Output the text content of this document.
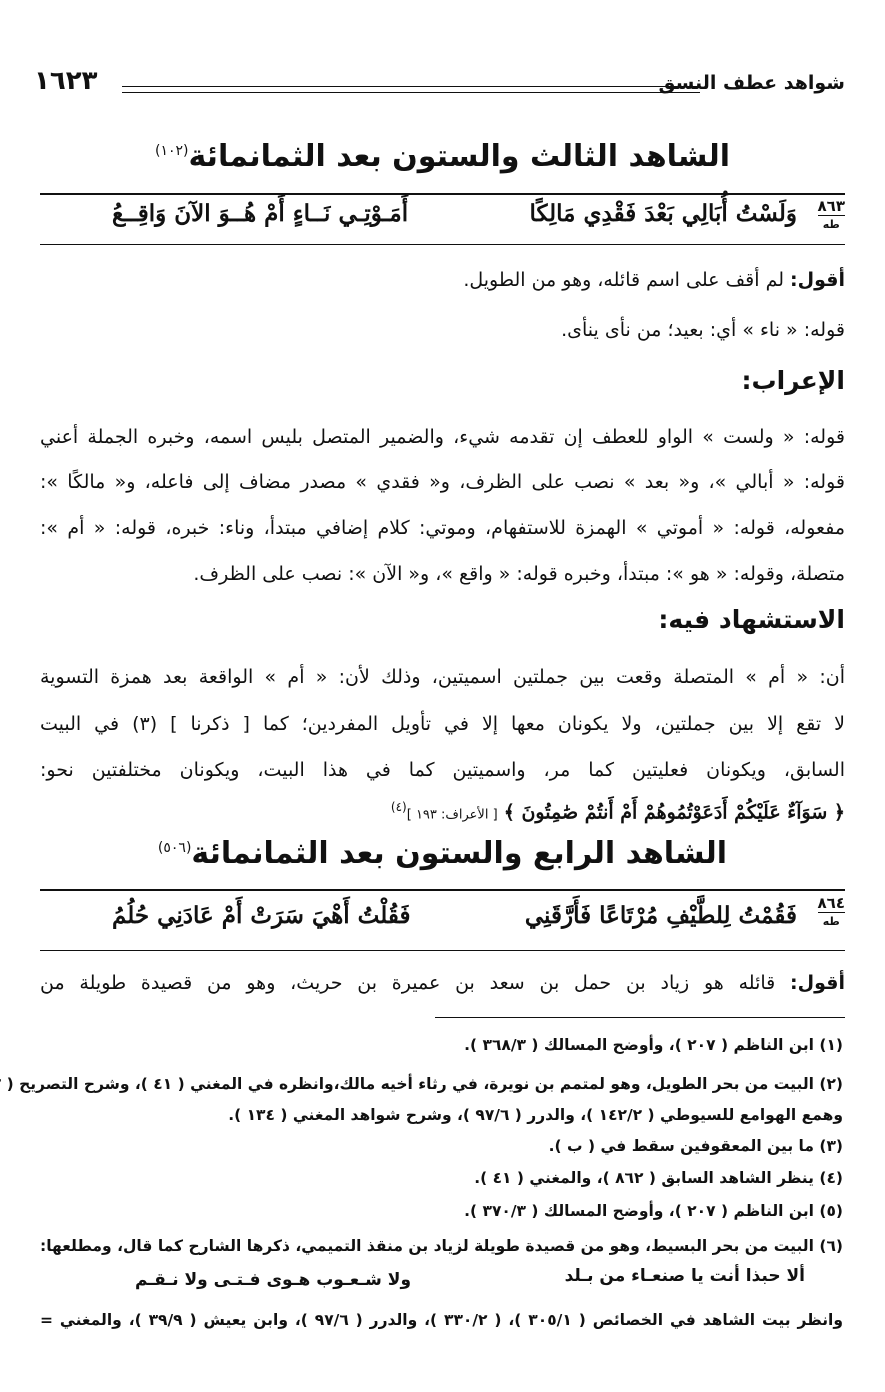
شواهد عطف النسق
١٦٢٣
الشاهد الثالث والستون بعد الثمانمائة$^{(١٠٢)}$
٨٦٣
طه
وَلَسْتُ أُبَالِي بَعْدَ فَقْدِي مَالِكًا
أَمَـوْتِـي نَــاءٍ أَمْ هُــوَ الآنَ وَاقِــعُ
أقول: لم أقف على اسم قائله، وهو من الطويل.
قوله: « ناء » أي: بعيد؛ من نأى ينأى.
الإعراب:
قوله: « ولست » الواو للعطف إن تقدمه شيء، والضمير المتصل بليس اسمه، وخبره الجملة أعني
قوله: « أبالي »، و« بعد » نصب على الظرف، و« فقدي » مصدر مضاف إلى فاعله، و« مالكًا »:
مفعوله، قوله: « أموتي » الهمزة للاستفهام، وموتي: كلام إضافي مبتدأ، وناء: خبره، قوله: « أم »:
متصلة، وقوله: « هو »: مبتدأ، وخبره قوله: « واقع »، و« الآن »: نصب على الظرف.
الاستشهاد فيه:
أن: « أم » المتصلة وقعت بين جملتين اسميتين، وذلك لأن: « أم » الواقعة بعد همزة التسوية
لا تقع إلا بين جملتين، ولا يكونان معها إلا في تأويل المفردين؛ كما [ ذكرنا ] (٣) في البيت
السابق، ويكونان فعليتين كما مر، واسميتين كما في هذا البيت، ويكونان مختلفتين نحو:
﴿ سَوَآءٌ عَلَيْكُمْ أَدَعَوْتُمُوهُمْ أَمْ أَنتُمْ صَٰمِتُونَ ﴾ [ الأعراف: ١٩٣ ]$^{(٤)}$
الشاهد الرابع والستون بعد الثمانمائة$^{(٥٠٦)}$
٨٦٤
طه
فَقُمْتُ لِلطَّيْفِ مُرْتَاعًا فَأَرَّقَنِي
فَقُلْتُ أَهْيَ سَرَتْ أَمْ عَادَنِي حُلُمُ
أقول: قائله هو زياد بن حمل بن سعد بن عميرة بن حريث، وهو من قصيدة طويلة من
(١) ابن الناظم ( ٢٠٧ )، وأوضح المسالك ( ٣٦٨/٣ ).
(٢) البيت من بحر الطويل، وهو لمتمم بن نويرة، في رثاء أخيه مالك،وانظره في المغني ( ٤١ )، وشرح التصريح (
وهمع الهوامع للسيوطي ( ١٤٢/٢ )، والدرر ( ٩٧/٦ )، وشرح شواهد المغني ( ١٣٤ ).
(٣) ما بين المعقوفين سقط في ( ب ).
(٤) ينظر الشاهد السابق ( ٨٦٢ )، والمغني ( ٤١ ).
(٥) ابن الناظم ( ٢٠٧ )، وأوضح المسالك ( ٣٧٠/٣ ).
(٦) البيت من بحر البسيط، وهو من قصيدة طويلة لزياد بن منقذ التميمي، ذكرها الشارح كما قال، ومطلعها:
ألا حبذا أنت يا صنعـاء من بـلد
ولا شـعـوب هـوى فـتـى ولا نـقـم
وانظر بيت الشاهد في الخصائص ( ٣٠٥/١ )، ( ٣٣٠/٢ )، والدرر ( ٩٧/٦ )، وابن يعيش ( ٣٩/٩ )، والمغني =
